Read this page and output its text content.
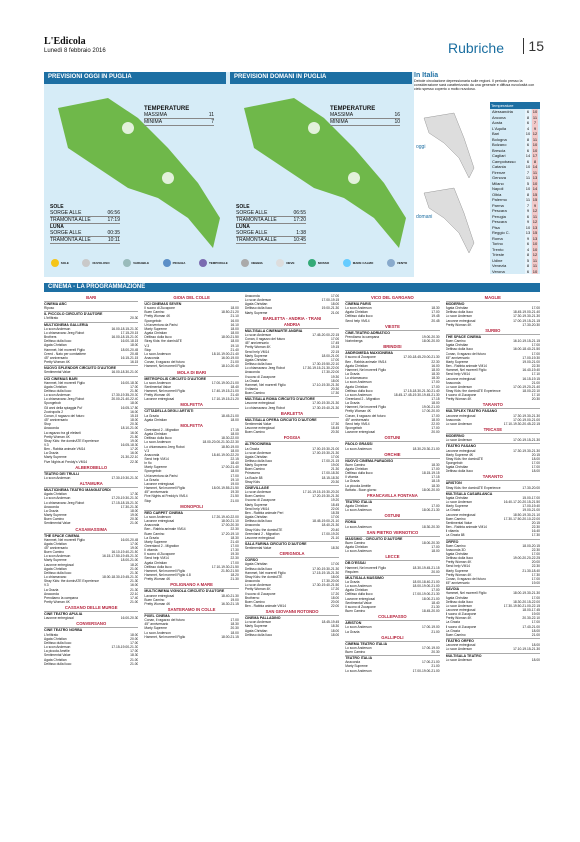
L'Edicola
Lunedì 8 febbraio 2016	Rubriche	15
PREVISIONI OGGI IN PUGLIA
TEMPERATURE
MASSIMA	11
MINIMA	7
SOLE
SORGE ALLE	06:56
TRAMONTA ALLE	17:19
LUNA
SORGE ALLE	00:35
TRAMONTA ALLE	10:11
PREVISIONI DOMANI IN PUGLIA
TEMPERATURE
MASSIMA	16
MINIMA	10
SOLE
SORGE ALLE	06:55
TRAMONTA ALLE	17:20
LUNA
SORGE ALLE	1:38
TRAMONTA ALLE	10:45
SOLE	NUVOLOSO	VARIABILE	PIOGGIA	TEMPORALE	NEBBIA	NEVE	MOSSO	MARE CALMO	VENTO
In Italia
Debole circolazione depressionaria sulle regioni. Il periodo presso la considerazione sarà caratterizzato da una generale e diffusa nuvolosità con cielo spesso coperto o molto nuvoloso.
oggi
domani
Temperature
Alessandria	6 10
Ancona	8 11
Aosta	6	7
L'Aquila	4	9
Bari	10 12
Bologna	8 11
Bolzano	6 10
Brescia	6 10
Cagliari	14 17
Campobasso	6	8
Catania	10 14
Firenze	7 11
Genova	11 13
Milano	5 10
Napoli	10 14
Olbia	8 15
Palermo	11 15
Parma	7	9
Pescara	9 12
Perugia	6 11
Pescara	9 12
Pisa	10 13
Reggio C.	13 15
Roma	9 13
Torino	6 10
Trento	4 10
Trieste	8 12
Udine	5 11
Venezia	8 11
Verona	6 10
CINEMA - LA PROGRAMMAZIONE
BARI
CINEMA ABC
Riposo
IL PICCOLO CIRCUITO D'AUTORE
L'Infiltrato	20.30
MULTICINEMA GALLERIA
Lo scon Anderson	16.00-18.15-21.30
Lo chiamavano Jeeg Robot	17.15-20.15
Brothers	16.00-18.15-21.00
Deltisso dulla liuco	16.00-18.15
Agata Christian	18.00
Hammet, Nel morerell Figlio	18.00-20.45
Creed - Nato per combattere	20.45
45° anniversario	16.15-21.15
Pretty Woman 4K	16.15
NUOVO SPLENDOR CIRCUITO D'AUTORE
Sentimental Value	16.00-18.30-21.00
UCI CINEMAS BARI
Hammet, Nel morerell Figlio	16.00-18.30
Agata Christian	17.00
Deltisso dulla liuco	21.50
Lo scon Anderson	17.30-19.35-20.30
Lo chiamavano Jeeg Robot	20.00-21.40-22.40
Spongebob	18.00
Gli anni della spiaggia Puf	16.05-17.50
Zootropolis 2	16.00
Conan, il ragazzo del futuro	15.15
45° anniversario	18.00
Stop	20.30
Anaconda	18.10-21.00
La ragazzo tra gli elefanti	16.00
Pretty Woman 4K	21.50
Stray Kids: the dominATE Experience	19.00
V.3	16.05-18.30
Ben - Rabbia animale VM14	17.20
La Grazia	16.00
Marty Supreme	21.30-22.10
Five Nights at Freddy's VM14	22.30
ALBEROBELLO
TEATRO DEI TRULLI
Lo scon Anderson	17.30-19.30-21.30
ALTAMURA
MULTICINEMA TEATRO MANGIATORDI
Agata Christian	17.30
Lo scon Anderson	17.20-19.30-21.30
Lo chiamavano Jeeg Robot	17.15-18.15-21.30
Anaconda	17.30-21.30
La Grazia	18.00
Marty Supreme	19.00
Buen Camino	20.30
Sentimental Value	21.00
CASAMASSIMA
THE SPACE CINEMA
Hammet, Nel morerell Figlio	16.00-20.45
Agata Christian	17.00
45° anniversario	19.00
Buen Camino	16.10-19.40-21.50
Lo scon Anderson	16.15-17.50-19.45-21.30
Marty Supreme	18.00-21.00
Lavonne entregiosal	18.20
Agata Christian	21.00
Deltisso dulla liuco	21.30
Lo chiamavano	18.00-18.30-19.45-21.30
Stray Kids: the dominATE Experience	21.30
V.3	16.00
La Grazia	21.30
Anaconda	22.10
Prendiamo la campana	17.40
Pretty Woman 4K	21.00
CASSANO DELLE MURGE
CINE TEATRO APULIA
Lavonne entregiosal	16.00-20.30
CONVERSANO
CINE TEATRO NORBA
L'Infiltrato	18.00
Agata Christian	20.00
Deltisso dulla liuco	17.00
Lo scon Anderson	17.15-19.00-21.30
La piccola Amélie	17.00
Sentimental Value	18.30
Agata Christian	21.00
Deltisso dulla liuco	21.00
GIOIA DEL COLLE
UCI CINEMAS SEVEN
Il suono di Zucapone	18.00
Buen Camino	18.50-21.20
Pretty Woman 4K	21.10
Spongebob	16.00
Un'avventura da Parisi	16.10
Marty Supreme	18.00
Agata Christian	18.00
Deltisso dulla liuco	18.00-21.50
Stray Kids: the dominATE	18.00
V.3	19.10
Stop	21.40
Lo scon Anderson	18.10-19.00-21.40
Anaconda	16.00-19.00
Conan, il ragazzo del futuro	21.00
Hammet, Nel morerell Figlio	18.10-20.40
MOLA DI BARI
METROPOLIS CIRCUITO D'AUTORE
Lo scon Anderson	17.00-19.00-21.00
Sentimental Value	18.40
Hammet, Nel morerell Figlio	17.40-19.15-21.00
Pretty Woman 4K	21.40
Lavonne entregiosal	17.10-19.15-21.20
MOLFETTA
CITTADELLA DEGLI ARTISTI
La Grazia	18.45-21.00
Agata Christian	18.00
MOLFETTA
Greenland 2 - Migration	17.15
Agata Christian	18.00
Deltisso dulla liuco	18.30-22.00
Lo scon Anderson	18.00-20.00-21.30-22.30
Lo chiamavano Jeeg Robot	18.50-19.00
V.3	18.00
Anaconda	18.40-19.00-22.20
Send help VM14	22.15
In flo	18.40
Marty Supreme	17.00-21.40
Spongebob	18.00
Un'avventura da Parisi	17.00
La Grazia	19.10
Lavonne entregiosal	19.00
Hammet, Nel morerell Figlio	18.00-19.55-21.50
45° anniversario	19.30
Five Nights at Freddy's VM14	21.50
Stop	21.00
MONOPOLI
RED CARPET CINEMA
Lo scon Anderson	17.20-19.40-22.00
Lavonne entregiosal	18.00-21.10
Anaconda	17.00-20.30
Ben - Rabbia animale VM14	22.30
Buen Camino	17.20-19.10
La Grazia	18.30
Marty Supreme	21.40
Greenland 2 - Migration	17.00
Il vitamia	17.30
Il suono di Zucapone	19.30
Send help VM14	22.30
Agata Christian	17.00
Deltisso dulla liuco	17.10-19.30-21.50
Hammet, Nel morerell Figlio	21.50-21.50
Hammet, Nel morerell Figlio 4.8	18.20
Pretty Woman 4K	21.30
POLIGNANO A MARE
MULTICINEMA VIGNOLA CIRCUITO D'AUTORE
Lavonne entregiosal	18.40-21.30
Buen Camino	19.00
Pretty Woman 4K	16.30-21.15
SANTERAMO IN COLLE
PIXEL CINEMA
Conan, il ragazzo del futuro	17.00
45° anniversario	18.30
Marty Supreme	20.30
Lo scon Anderson	18.00
Hammet, Nel morerell Figlio	18.00-21.15
Anaconda	17.00
Lo scon Anderson	17.00-19.15
Agata Christian	18.00
Deltisso dulla liuco	19.00-21.30
Marty Supreme	21.00
BARLETTA - ANDRIA - TRANI
ANDRIA
MULTISALA CINEMARTE ANDRIA
Lo scon Anderson	17.45-20.00-22.15
Conan, il ragazzo del futuro	17.00
45° anniversario	17.45
Pretty Woman 4K	19.15
Send help VM14	22.15
Marty Supreme	18.00-21.00
Agata Christian	17.00
Deltisso dulla liuco	17.30-19.50-22.10
Lo chiamavano Jeeg Robot	17.30-19.15-21.30-22.00
Anaconda	17.30-22.00
Il suono di Zucapone	19.30
La Grazia	18.00
Hammet, Nel morerell Figlio	17.10-19.30-21.30
Il vitamia	20.30
Buen Camino	17.30
MULTISALA ROMA CIRCUITO D'AUTORE
Lavonne entregiosal	17.00-19.30-21.30
Lo chiamavano Jeeg Robot	17.30-19.40-21.30
BARLETTA
MULTISALA OPERA CIRCUITO D'AUTORE
Sentimental Value	17.30
Lavonne entregiosal	18.45
Buen Camino	20.30
FOGGIA
ALTROCINEMA
La Grazia	17.00-19.30-21.00
Lo scon Anderson	17.00-19.30-21.30
Agata Christian	17.00
Deltisso dulla liuco	17.00-21.15
Marty Supreme	19.00
Buen Camino	21.30
Primavera	17.00-18.30
La Boule 88	18.15-18.30
Stray Kids	20.30
CINEVILLAGE
Lo scon Anderson	17.10-19.15-19.30-20.20
Buen Camino	17.20-19.30-21.30
Il suono di Zucapone	19.20
Marty Supreme	18.45
Send help VM14	22.00
Ben - Rabbia animale Peri	18.35
Agata Christian	17.00
Deltisso dulla liuco	18.45-19.00-21.10
Anaconda	18.40-21.30
Stray Kids: the dominATE	20.40
Greenland 2 - Migration	17.00-19.20
Lavonne entregiosal	21.10
SALA FARINA CIRCUITO D'AUTORE
Sentimental Value	18.30
CERIGNOLA
CORSO
Agata Christian	17.00
Deltisso dulla liuco	17.00-19.30-21.30
Hammet, Nel morerell Figlio	17.15-19.15-21.30
Stray Kids: the dominATE	18.00
Anaconda	17.30-20.00
Lo scon Anderson	17.30-19.40-21.50
Pretty Woman 4K	17.20
Il suono di Zucapone	17.20
Brotherno	18.00
Buen Camino	20.00
Ben - Rabbia animale VM14	22.00
SAN GIOVANNI ROTONDO
CINEMA PALLADINO
Lo scon Anderson	18.45-19.45
Marty Supreme	18.30
Agata Christian	18.00
Deltisso dulla liuco	18.00
VICO DEL GARGANO
CINEMA PARIS
Lo scon Anderson	18.30
Agata Christian	17.00
Deltisso dulla liuco	19.45
Send help VM14	20.45
VIESTE
CINE-TEATRO ADRIATICO
Prendiamo la campana	19.00-20.30
Norimberga	18.00-20.00
BRINDISI
ANDROMEDA MAXICINEMA
Il suono di Zucapone	17.00-18.45-20.00-21.30
Ben - Rabbia animale VM14	22.30
Agata Christian	16.00
Hammet, Nel morerell Figlio	18.00
La Grazia	18.30
Lo chiamavano	18.30
Lo scon Anderson	17.00
Agata Christian	17.00
Deltisso dulla liuco	17.15-18.30-21.30-21.40
Lo scon Anderson	18.45-17.45-19.30-19.45-21.30
Greenland 2 - Migration	17.15
La Grazia	18.00
Hammet, Nel morerell Figlio	19.00-21.00
Pretty Woman 4K	17.00-20.00
Conan, il ragazzo del futuro	17.00
45° anniversario	18.00
Send help VM14	22.00
Spongebob	17.00
Lavonne entregiosal	20.00
OSTUNI
PAOLO GRASSI
Lo scon Anderson	18.30-20.30-21.00
ORCHIE
NUOVO CINEMA PARADISO
Buen Camino	18.30
Agata Christian	17.00
Deltisso dulla liuco	18.15-19.15
Il vitamia	17.15
La Grazia	18.15
La piccola Amélie	18.30
Bottata - Buon giorno	18.00-20.00
FRANCAVILLA FONTANA
TEATRO ITALIA
Agata Christian	17.00
Lo scon Anderson	18.00-21.30
OSTUNI
ROMA
Lo scon Anderson	18.30-20.30
SAN PIETRO VERNOTICO
MASSIMO - CIRCUITO D'AUTORE
Buen Camino	18.00-20.30
Agata Christian	17.00
Lo scon Anderson	18.00
LECCE
DB D'ESSAI
Hammet, Nel morerell Figlio	18.30-19.45-21.15
Requiem	20.00
MULTISALA MASSIMO
La Grazia	18.00-18.40-21.00
Lo scon Anderson	18.00-19.00-21.00
Agata Christian	17.00
Deltisso dulla liuco	17.00-19.00-21.30
Lavonne entregiosal	18.00-21.00
Sentimental Value	18.40
Il suono di Zucapone	21.30
Buen Camino	18.45-20.00
COLLEPASSO
ARISTON
Lo scon Anderson	17.00-19.00
La Grazia	21.00
GALLIPOLI
CINEMA TEATRO ITALIA
Lo scon Anderson	17.00-19.00
Buen Camino	20.30
TEATRO ITALIA
Anaconda	17.00-21.00
Marty Supreme	21.00
Lo scon Anderson	17.00-19.00-21.00
MAGLIE
MODERNO
Agata Christian	17.00
Deltisso dulla liuco	18.45-19.00-21.40
Lo scon Anderson	17.30-19.30-21.30
Lavonne entregiosal	17.00-19.15-21.15
Pretty Woman 4K	17.30-20.30
SURBO
THE SPACE CINEMA
Buen Camino	16.10-19.15-21.15
Agata Christian	17.00
Deltisso dulla liuco	16.00-18.40-21.50
Conan, il ragazzo del futuro	17.00
45° anniversario	17.00-19.30
Marty Supreme	19.00-21.00
Ben - Rabbia animale VM14	22.30
Hammet, Nel morerell Figlio	16.40-19.40
Send help VM14	17.10
Lavonne entregiosal	16.15-19.15
Anaconda	21.00
Lo scon Anderson	17.00-19.20-21.40
Stray Kids: the dominATE Experience	18.00-22.10
Il suono di Zucapone	17.10
Pretty Woman 4K	20.30
TARANTO
MULTIPLEX TEATRO FASANO
Lavonne entregiosal	17.30-19.30-21.30
Anaconda	17.00-19.00-21.00
Lo scon Anderson	17.10-19.30-20.45-22.15
TRICASE
MODERNO
Lo scon Anderson	17.00-19.15-21.30
TEATRO FASANO
Lavonne entregiosal	17.30-19.30-21.30
Marty Supreme 4K	20.15
Stray Kids: the dominATE	18.00
Spongebob	17.00
Agata Christian	17.00
Deltisso dulla liuco	18.00
TARANTO
ARISTON
Stray Kids: the dominATE Experience	17.30-20.00
MULTISALA CASABLANCA
Agata Christian	15.00-17.00
Lo scon Anderson	16.40-17.20-20.15-21.50
Marty Supreme	17.00-19.40
La Grazia	19.00-21.00
Lavonne entregiosal	18.50-19.30-21.10
Buen Camino	17.30-17.50-20.10-22.00
Sentimental Value	20.15
Ben - Rabbia animale VM14	22.30
Il vitamia	16.40
La Grazia 88	17.30
ORFEO
Buen Camino	18.00-20.15
Anaconda 3D	22.30
Agata Christian	17.00
Deltisso dulla liuco	19.00-20.20-22.25
Pretty Woman 4K	20.00
Send help VM14	22.30
Marty Supreme	21.30-18.40
Pretty Woman 4K	17.30
Conan, il ragazzo del futuro	17.00
45° anniversario	19.00
SAVOIA
Hammet, Nel morerell Figlio	18.00-19.30-21.30
Agata Christian	17.00
Deltisso dulla liuco	18.30-20.15-22.00
Lo scon Anderson	17.30-19.50-21.00-22.15
Lavonne entregiosal	18.00-17.45
Il suono di Zucapone	19.00
Pretty Woman 4K	20.30-22.10
La Grazia	17.00
Il suono di Zucapone	17.40-21.00
La Grazia	18.00
Buen Camino	21.00
TEATRO ORFEO
Lavonne entregiosal	18.00
Lo scon Anderson	17.10-19.15-21.30
MULTISALA TEATRO
Lo scon Anderson	18.00
